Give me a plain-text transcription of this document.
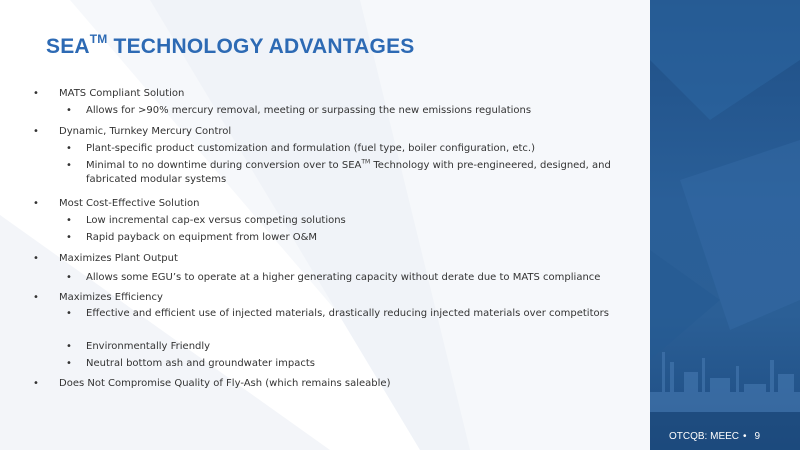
SEA™ TECHNOLOGY ADVANTAGES
• MATS Compliant Solution
• Allows for >90% mercury removal, meeting or surpassing the new emissions regulations
• Dynamic, Turnkey Mercury Control
• Plant-specific product customization and formulation (fuel type, boiler configuration, etc.)
• Minimal to no downtime during conversion over to SEA™ Technology with pre-engineered, designed, and
fabricated modular systems
• Most Cost-Effective Solution
• Low incremental cap-ex versus competing solutions
• Rapid payback on equipment from lower O&M
• Maximizes Plant Output
• Allows some EGU’s to operate at a higher generating capacity without derate due to MATS compliance
• Maximizes Efficiency
• Effective and efficient use of injected materials, drastically reducing injected materials over competitors
• Environmentally Friendly
• Neutral bottom ash and groundwater impacts
• Does Not Compromise Quality of Fly-Ash (which remains saleable)
OTCQB: MEEC • 9
